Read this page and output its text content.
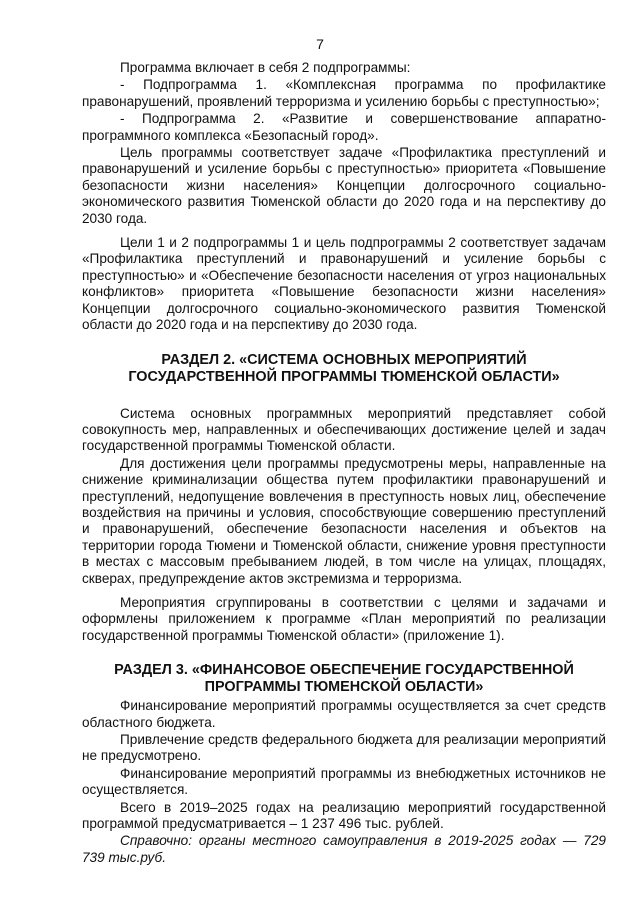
7

Программа включает в себя 2 подпрограммы:

- Подпрограмма 1. «Комплексная программа по профилактике правонарушений, проявлений терроризма и усилению борьбы с преступностью»;

- Подпрограмма 2. «Развитие и совершенствование аппаратно-программного комплекса «Безопасный город».

Цель программы соответствует задаче «Профилактика преступлений и правонарушений и усиление борьбы с преступностью» приоритета «Повышение безопасности жизни населения» Концепции долгосрочного социально-экономического развития Тюменской области до 2020 года и на перспективу до 2030 года.

Цели 1 и 2 подпрограммы 1 и цель подпрограммы 2 соответствует задачам «Профилактика преступлений и правонарушений и усиление борьбы с преступностью» и «Обеспечение безопасности населения от угроз национальных конфликтов» приоритета «Повышение безопасности жизни населения» Концепции долгосрочного социально-экономического развития Тюменской области до 2020 года и на перспективу до 2030 года.

РАЗДЕЛ 2. «СИСТЕМА ОСНОВНЫХ МЕРОПРИЯТИЙ
ГОСУДАРСТВЕННОЙ ПРОГРАММЫ ТЮМЕНСКОЙ ОБЛАСТИ»

Система основных программных мероприятий представляет собой совокупность мер, направленных и обеспечивающих достижение целей и задач государственной программы Тюменской области.

Для достижения цели программы предусмотрены меры, направленные на снижение криминализации общества путем профилактики правонарушений и преступлений, недопущение вовлечения в преступность новых лиц, обеспечение воздействия на причины и условия, способствующие совершению преступлений и правонарушений, обеспечение безопасности населения и объектов на территории города Тюмени и Тюменской области, снижение уровня преступности в местах с массовым пребыванием людей, в том числе на улицах, площадях, скверах, предупреждение актов экстремизма и терроризма.

Мероприятия сгруппированы в соответствии с целями и задачами и оформлены приложением к программе «План мероприятий по реализации государственной программы Тюменской области» (приложение 1).

РАЗДЕЛ 3. «ФИНАНСОВОЕ ОБЕСПЕЧЕНИЕ ГОСУДАРСТВЕННОЙ
ПРОГРАММЫ ТЮМЕНСКОЙ ОБЛАСТИ»

Финансирование мероприятий программы осуществляется за счет средств областного бюджета.

Привлечение средств федерального бюджета для реализации мероприятий не предусмотрено.

Финансирование мероприятий программы из внебюджетных источников не осуществляется.

Всего в 2019–2025 годах на реализацию мероприятий государственной программой предусматривается – 1 237 496 тыс. рублей.

Справочно: органы местного самоуправления в 2019-2025 годах — 729 739 тыс.руб.
